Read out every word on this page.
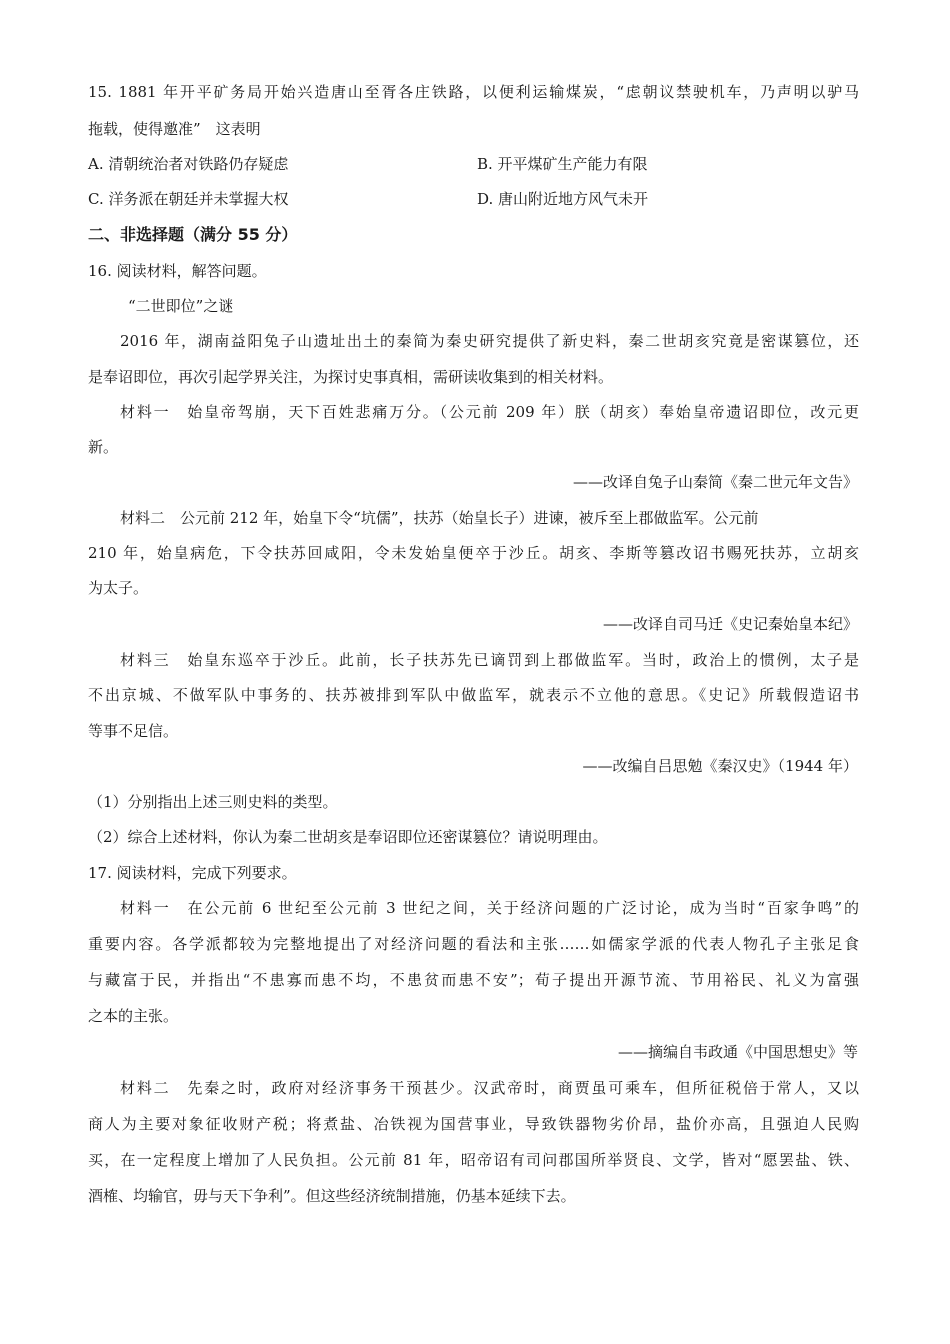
15. 1881 年开平矿务局开始兴造唐山至胥各庄铁路，以便利运输煤炭，“虑朝议禁驶机车，乃声明以驴马
拖载，使得邀准”　这表明
A. 清朝统治者对铁路仍存疑虑	B. 开平煤矿生产能力有限
C. 洋务派在朝廷并未掌握大权	D. 唐山附近地方风气未开
二、非选择题（满分 55 分）
16. 阅读材料，解答问题。
“二世即位”之谜
2016 年，湖南益阳兔子山遗址出土的秦简为秦史研究提供了新史料，秦二世胡亥究竟是密谋篡位，还
是奉诏即位，再次引起学界关注，为探讨史事真相，需研读收集到的相关材料。
材料一　始皇帝驾崩，天下百姓悲痛万分。（公元前 209 年）朕（胡亥）奉始皇帝遗诏即位，改元更
新。
——改译自兔子山秦简《秦二世元年文告》
材料二　公元前 212 年，始皇下令“坑儒”，扶苏（始皇长子）进谏，被斥至上郡做监军。公元前
210 年，始皇病危，下令扶苏回咸阳，令未发始皇便卒于沙丘。胡亥、李斯等篡改诏书赐死扶苏，立胡亥
为太子。
——改译自司马迁《史记秦始皇本纪》
材料三　始皇东巡卒于沙丘。此前，长子扶苏先已谪罚到上郡做监军。当时，政治上的惯例，太子是
不出京城、不做军队中事务的、扶苏被排到军队中做监军，就表示不立他的意思。《史记》所载假造诏书
等事不足信。
——改编自吕思勉《秦汉史》（1944 年）
（1）分别指出上述三则史料的类型。
（2）综合上述材料，你认为秦二世胡亥是奉诏即位还密谋篡位？请说明理由。
17. 阅读材料，完成下列要求。
材料一　在公元前 6 世纪至公元前 3 世纪之间，关于经济问题的广泛讨论，成为当时“百家争鸣”的
重要内容。各学派都较为完整地提出了对经济问题的看法和主张……如儒家学派的代表人物孔子主张足食
与藏富于民，并指出“不患寡而患不均，不患贫而患不安”；荀子提出开源节流、节用裕民、礼义为富强
之本的主张。
——摘编自韦政通《中国思想史》等
材料二　先秦之时，政府对经济事务干预甚少。汉武帝时，商贾虽可乘车，但所征税倍于常人，又以
商人为主要对象征收财产税；将煮盐、冶铁视为国营事业，导致铁器物劣价昂，盐价亦高，且强迫人民购
买，在一定程度上增加了人民负担。公元前 81 年，昭帝诏有司问郡国所举贤良、文学，皆对“愿罢盐、铁、
酒榷、均输官，毋与天下争利”。但这些经济统制措施，仍基本延续下去。
